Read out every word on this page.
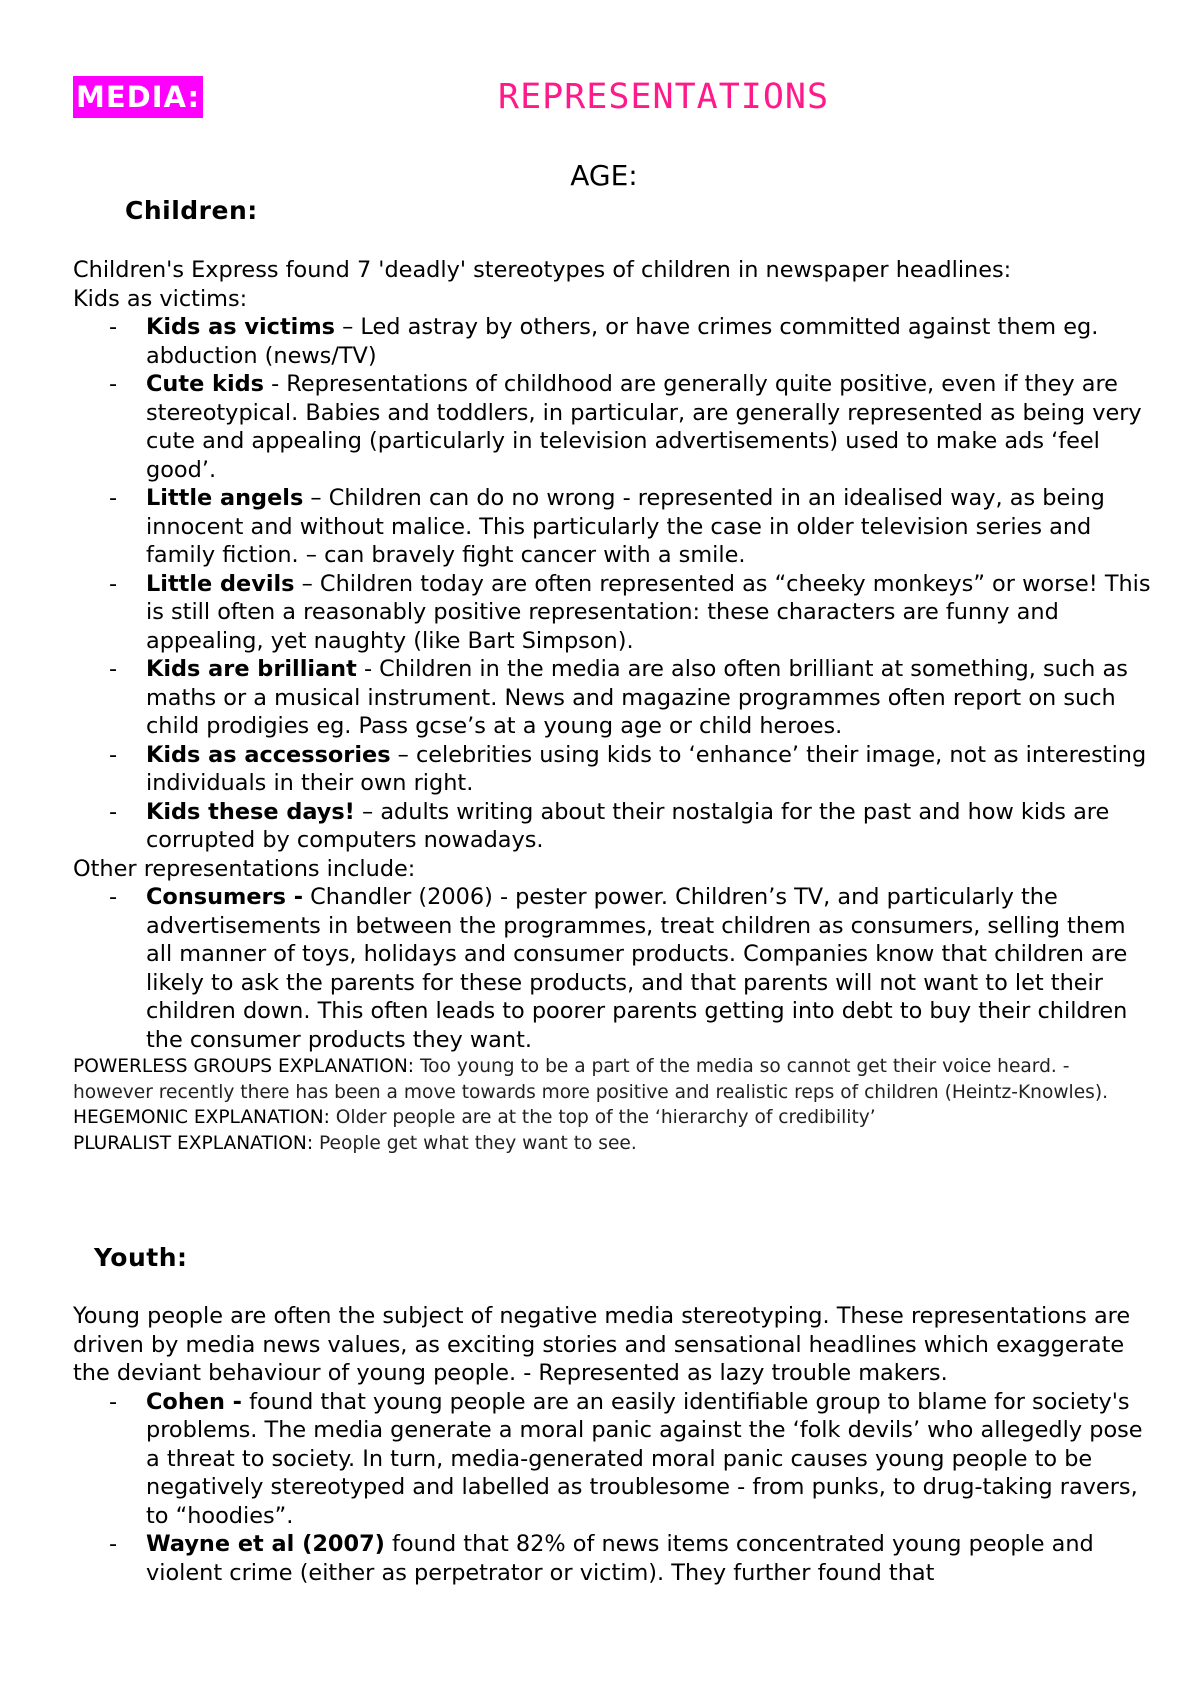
MEDIA:	REPRESENTATIONS
AGE:
Children:

Children's Express found 7 'deadly' stereotypes of children in newspaper headlines:

Kids as victims:

- Kids as victims – Led astray by others, or have crimes committed against them eg. abduction (news/TV)
- Cute kids - Representations of childhood are generally quite positive, even if they are stereotypical. Babies and toddlers, in particular, are generally represented as being very cute and appealing (particularly in television advertisements) used to make ads ‘feel good’.
- Little angels – Children can do no wrong - represented in an idealised way, as being innocent and without malice. This particularly the case in older television series and family fiction. – can bravely fight cancer with a smile.
- Little devils – Children today are often represented as “cheeky monkeys” or worse! This is still often a reasonably positive representation: these characters are funny and appealing, yet naughty (like Bart Simpson).
- Kids are brilliant - Children in the media are also often brilliant at something, such as maths or a musical instrument. News and magazine programmes often report on such child prodigies eg. Pass gcse’s at a young age or child heroes.
- Kids as accessories – celebrities using kids to ‘enhance’ their image, not as interesting individuals in their own right.
- Kids these days! – adults writing about their nostalgia for the past and how kids are corrupted by computers nowadays.

Other representations include:

- Consumers - Chandler (2006) - pester power. Children’s TV, and particularly the advertisements in between the programmes, treat children as consumers, selling them all manner of toys, holidays and consumer products. Companies know that children are likely to ask the parents for these products, and that parents will not want to let their children down. This often leads to poorer parents getting into debt to buy their children the consumer products they want.

POWERLESS GROUPS EXPLANATION: Too young to be a part of the media so cannot get their voice heard. - however recently there has been a move towards more positive and realistic reps of children (Heintz-Knowles).

HEGEMONIC EXPLANATION: Older people are at the top of the ‘hierarchy of credibility’

PLURALIST EXPLANATION: People get what they want to see.

Youth:

Young people are often the subject of negative media stereotyping. These representations are driven by media news values, as exciting stories and sensational headlines which exaggerate the deviant behaviour of young people. - Represented as lazy trouble makers.

- Cohen - found that young people are an easily identifiable group to blame for society's problems. The media generate a moral panic against the ‘folk devils’ who allegedly pose a threat to society. In turn, media-generated moral panic causes young people to be negatively stereotyped and labelled as troublesome - from punks, to drug-taking ravers, to “hoodies”.
- Wayne et al (2007) found that 82% of news items concentrated young people and violent crime (either as perpetrator or victim). They further found that
